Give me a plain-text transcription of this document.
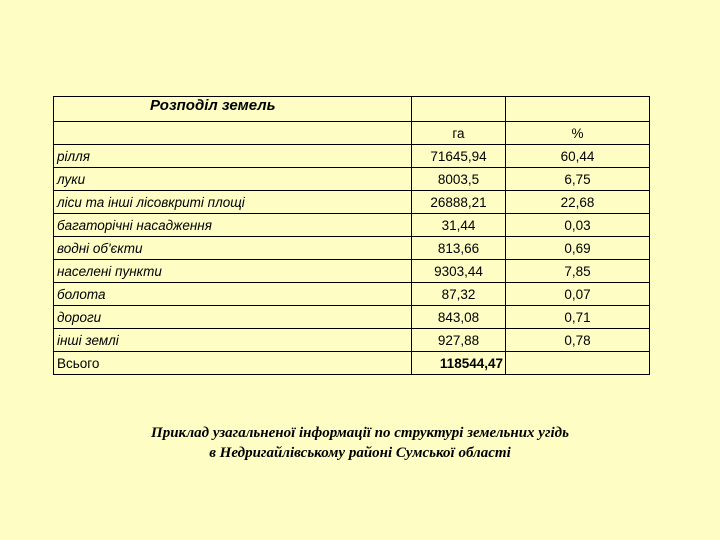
Розподіл земель		
	га	%
рілля	71645,94	60,44
луки	8003,5	6,75
ліси та інші лісовкриті площі	26888,21	22,68
багаторічні насадження	31,44	0,03
водні об'єкти	813,66	0,69
населені пункти	9303,44	7,85
болота	87,32	0,07
дороги	843,08	0,71
інші землі	927,88	0,78
Всього	118544,47	
Приклад узагальненої інформації по структурі земельних угідь
в Недригайлівському районі Сумської області
